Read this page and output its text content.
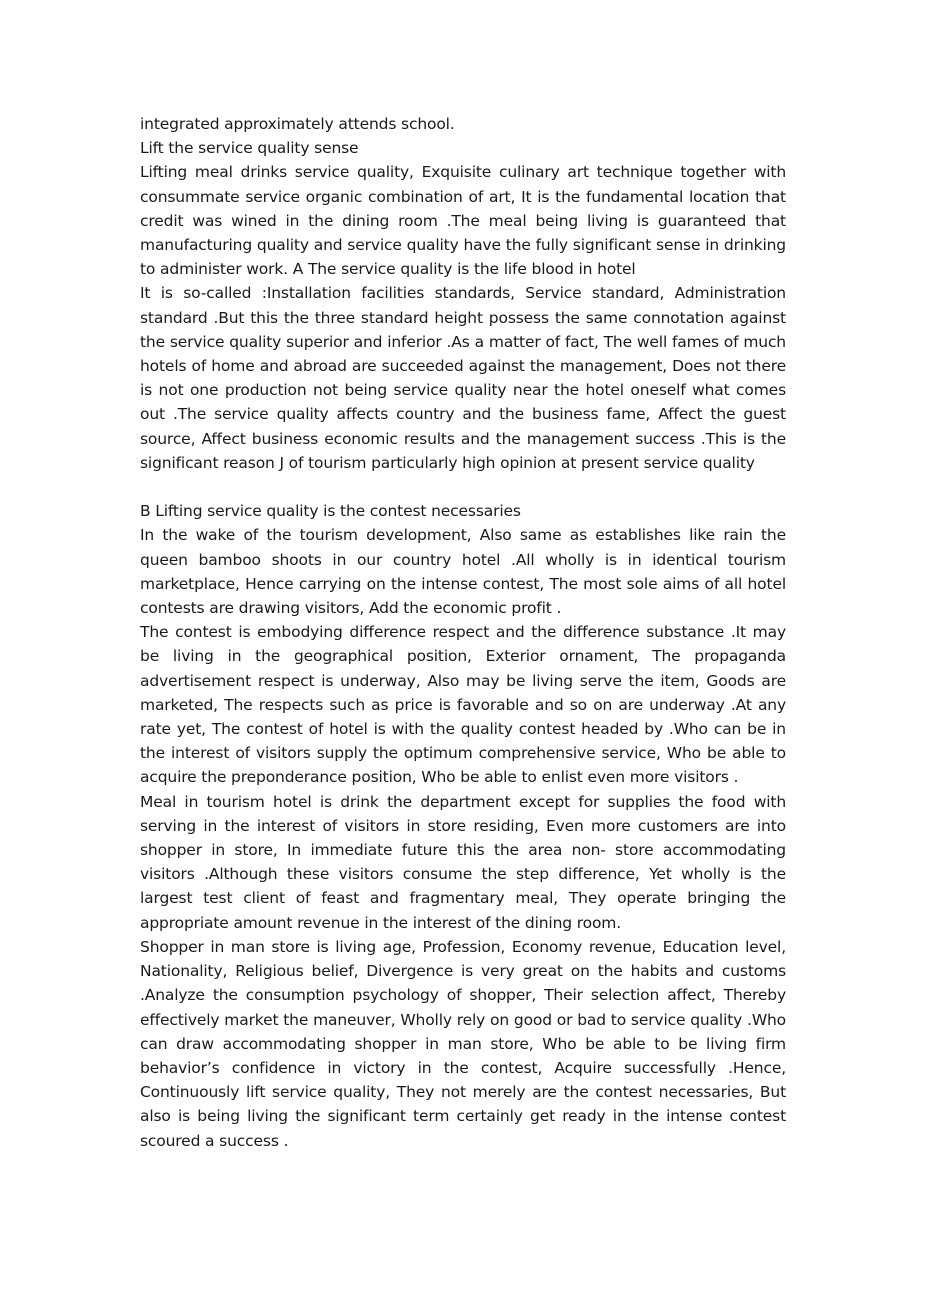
integrated approximately attends school.

Lift the service quality sense

Lifting meal drinks service quality, Exquisite culinary art technique together with consummate service organic combination of art, It is the fundamental location that credit was wined in the dining room .The meal being living is guaranteed that manufacturing quality and service quality have the fully significant sense in drinking to administer work. A The service quality is the life blood in hotel

It is so-called :Installation facilities standards, Service standard, Administration standard .But this the three standard height possess the same connotation against the service quality superior and inferior .As a matter of fact, The well fames of much hotels of home and abroad are succeeded against the management, Does not there is not one production not being service quality near the hotel oneself what comes out .The service quality affects country and the business fame, Affect the guest source, Affect business economic results and the management success .This is the significant reason J of tourism particularly high opinion at present service quality

B Lifting service quality is the contest necessaries

In the wake of the tourism development, Also same as establishes like rain the queen bamboo shoots in our country hotel .All wholly is in identical tourism marketplace, Hence carrying on the intense contest, The most sole aims of all hotel contests are drawing visitors, Add the economic profit .

The contest is embodying difference respect and the difference substance .It may be living in the geographical position, Exterior ornament, The propaganda advertisement respect is underway, Also may be living serve the item, Goods are marketed, The respects such as price is favorable and so on are underway .At any rate yet, The contest of hotel is with the quality contest headed by .Who can be in the interest of visitors supply the optimum comprehensive service, Who be able to acquire the preponderance position, Who be able to enlist even more visitors .

Meal in tourism hotel is drink the department except for supplies the food with serving in the interest of visitors in store residing, Even more customers are into shopper in store, In immediate future this the area non- store accommodating visitors .Although these visitors consume the step difference, Yet wholly is the largest test client of feast and fragmentary meal, They operate bringing the appropriate amount revenue in the interest of the dining room.

Shopper in man store is living age, Profession, Economy revenue, Education level, Nationality, Religious belief, Divergence is very great on the habits and customs .Analyze the consumption psychology of shopper, Their selection affect, Thereby effectively market the maneuver, Wholly rely on good or bad to service quality .Who can draw accommodating shopper in man store, Who be able to be living firm behavior’s confidence in victory in the contest, Acquire successfully .Hence, Continuously lift service quality, They not merely are the contest necessaries, But also is being living the significant term certainly get ready in the intense contest scoured a success .
